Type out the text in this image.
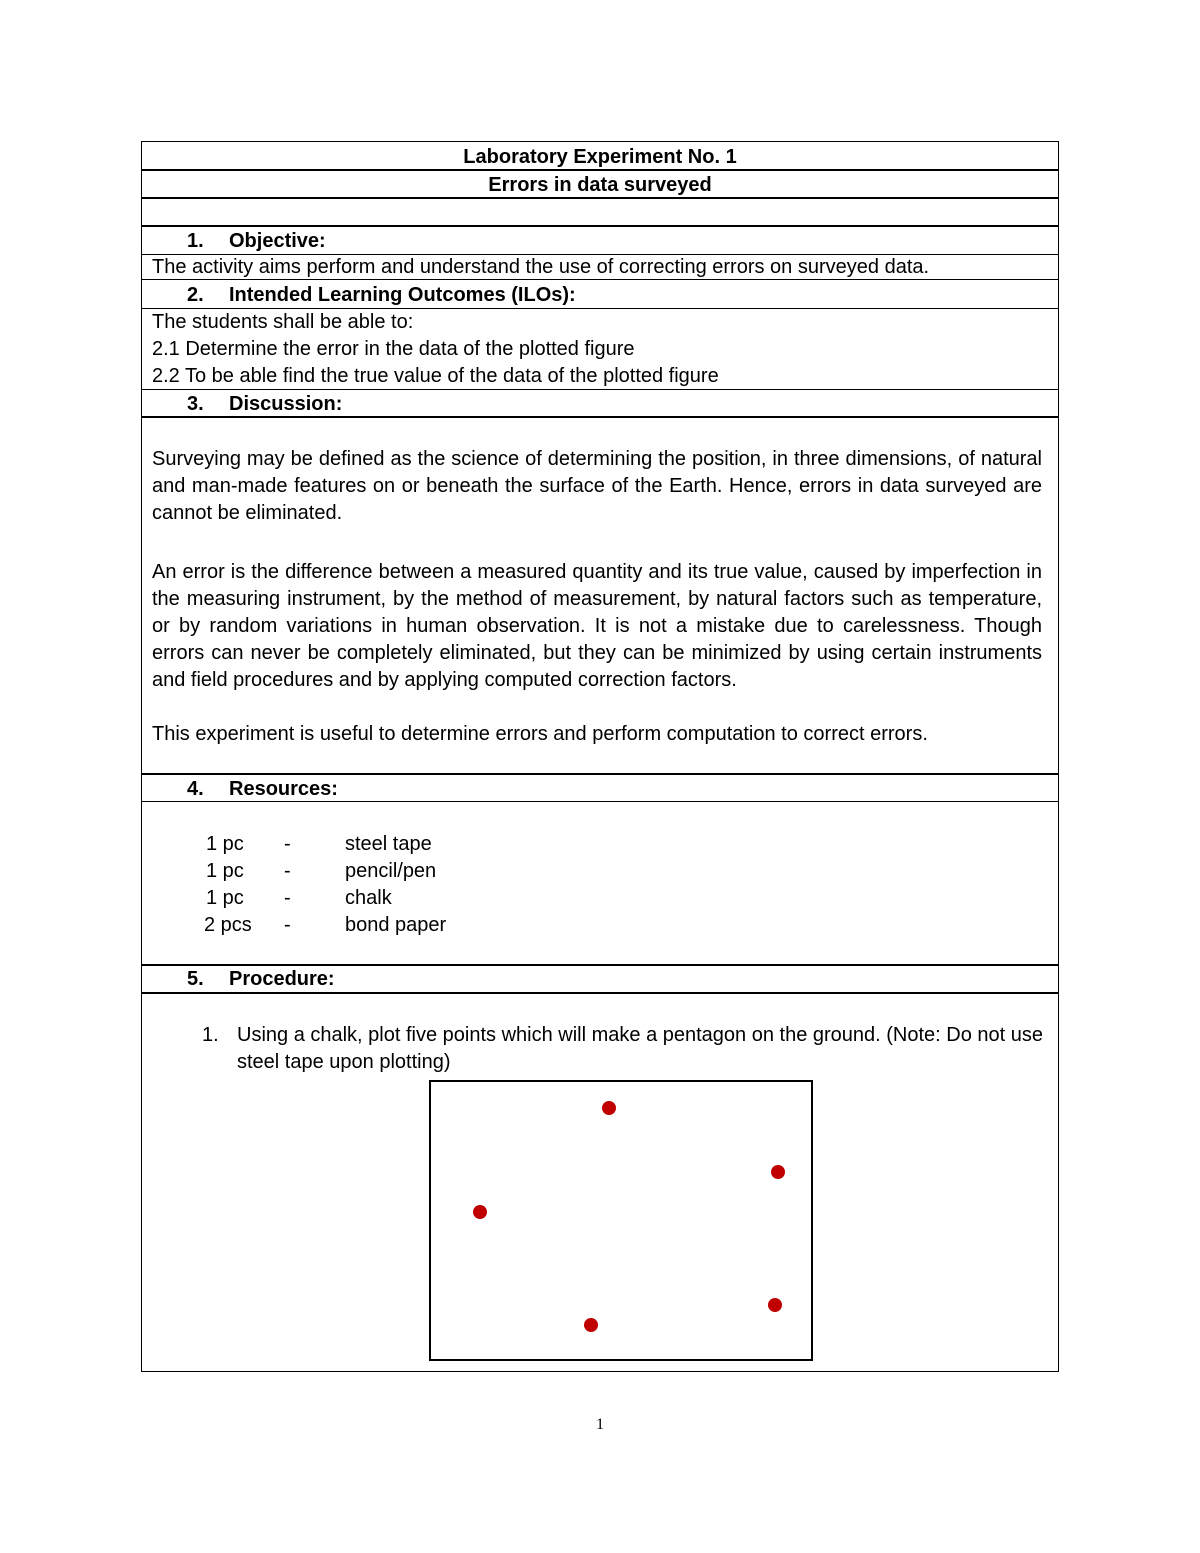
Laboratory Experiment No. 1
Errors in data surveyed
1. Objective:
The activity aims perform and understand the use of correcting errors on surveyed data.
2. Intended Learning Outcomes (ILOs):
The students shall be able to:
2.1 Determine the error in the data of the plotted figure
2.2 To be able find the true value of the data of the plotted figure
3. Discussion:
Surveying may be defined as the science of determining the position, in three dimensions, of natural and man-made features on or beneath the surface of the Earth. Hence, errors in data surveyed are cannot be eliminated.
An error is the difference between a measured quantity and its true value, caused by imperfection in the measuring instrument, by the method of measurement, by natural factors such as temperature, or by random variations in human observation. It is not a mistake due to carelessness. Though errors can never be completely eliminated, but they can be minimized by using certain instruments and field procedures and by applying computed correction factors.
This experiment is useful to determine errors and perform computation to correct errors.
4. Resources:
1 pc -	steel tape
1 pc -	pencil/pen
1 pc -	chalk
2 pcs -	bond paper
5. Procedure:
1. Using a chalk, plot five points which will make a pentagon on the ground. (Note: Do not use steel tape upon plotting)
1
